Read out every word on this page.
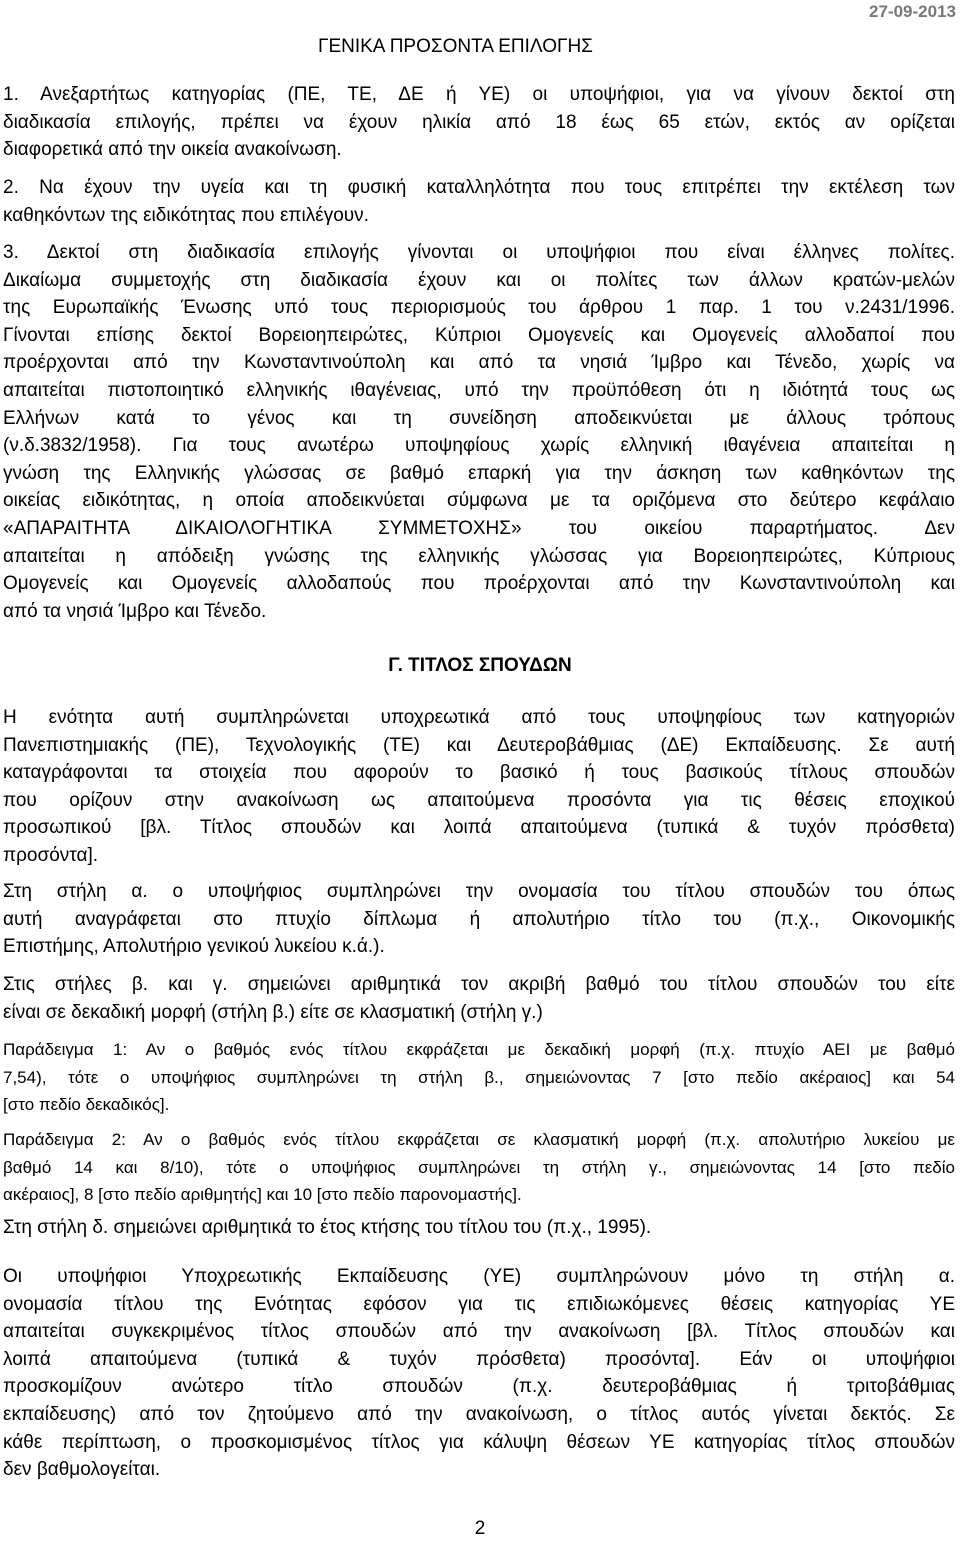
27-09-2013
ΓΕΝΙΚΑ ΠΡΟΣΟΝΤΑ ΕΠΙΛΟΓΗΣ
1. Ανεξαρτήτως κατηγορίας (ΠΕ, ΤΕ, ΔΕ ή ΥΕ) οι υποψήφιοι, για να γίνουν δεκτοί στη
διαδικασία επιλογής, πρέπει να έχουν ηλικία από 18 έως 65 ετών, εκτός αν ορίζεται
διαφορετικά από την οικεία ανακοίνωση.
2. Να έχουν την υγεία και τη φυσική καταλληλότητα που τους επιτρέπει την εκτέλεση των
καθηκόντων της ειδικότητας που επιλέγουν.
3. Δεκτοί στη διαδικασία επιλογής γίνονται οι υποψήφιοι που είναι έλληνες πολίτες.
Δικαίωμα συμμετοχής στη διαδικασία έχουν και οι πολίτες των άλλων κρατών-μελών
της Ευρωπαϊκής Ένωσης υπό τους περιορισμούς του άρθρου 1 παρ. 1 του ν.2431/1996.
Γίνονται επίσης δεκτοί Βορειοηπειρώτες, Κύπριοι Ομογενείς και Ομογενείς αλλοδαποί που
προέρχονται από την Κωνσταντινούπολη και από τα νησιά Ίμβρο και Τένεδο, χωρίς να
απαιτείται πιστοποιητικό ελληνικής ιθαγένειας, υπό την προϋπόθεση ότι η ιδιότητά τους ως
Ελλήνων κατά το γένος και τη συνείδηση αποδεικνύεται με άλλους τρόπους
(ν.δ.3832/1958). Για τους ανωτέρω υποψηφίους χωρίς ελληνική ιθαγένεια απαιτείται η
γνώση της Ελληνικής γλώσσας σε βαθμό επαρκή για την άσκηση των καθηκόντων της
οικείας ειδικότητας, η οποία αποδεικνύεται σύμφωνα με τα οριζόμενα στο δεύτερο κεφάλαιο
«ΑΠΑΡΑΙΤΗΤΑ ΔΙΚΑΙΟΛΟΓΗΤΙΚΑ ΣΥΜΜΕΤΟΧΗΣ» του οικείου παραρτήματος. Δεν
απαιτείται η απόδειξη γνώσης της ελληνικής γλώσσας για Βορειοηπειρώτες, Κύπριους
Ομογενείς και Ομογενείς αλλοδαπούς που προέρχονται από την Κωνσταντινούπολη και
από τα νησιά Ίμβρο και Τένεδο.
Γ. ΤΙΤΛΟΣ ΣΠΟΥΔΩΝ
Η ενότητα αυτή συμπληρώνεται υποχρεωτικά από τους υποψηφίους των κατηγοριών
Πανεπιστημιακής (ΠΕ), Τεχνολογικής (ΤΕ) και Δευτεροβάθμιας (ΔΕ) Εκπαίδευσης. Σε αυτή
καταγράφονται τα στοιχεία που αφορούν το βασικό ή τους βασικούς τίτλους σπουδών
που ορίζουν στην ανακοίνωση ως απαιτούμενα προσόντα για τις θέσεις εποχικού
προσωπικού [βλ. Τίτλος σπουδών και λοιπά απαιτούμενα (τυπικά & τυχόν πρόσθετα)
προσόντα].
Στη στήλη α. ο υποψήφιος συμπληρώνει την ονομασία του τίτλου σπουδών του όπως
αυτή αναγράφεται στο πτυχίο δίπλωμα ή απολυτήριο τίτλο του (π.χ., Οικονομικής
Επιστήμης, Απολυτήριο γενικού λυκείου κ.ά.).
Στις στήλες β. και γ. σημειώνει αριθμητικά τον ακριβή βαθμό του τίτλου σπουδών του είτε
είναι σε δεκαδική μορφή (στήλη β.) είτε σε κλασματική (στήλη γ.)
Παράδειγμα 1: Αν ο βαθμός ενός τίτλου εκφράζεται με δεκαδική μορφή (π.χ. πτυχίο ΑΕΙ με βαθμό
7,54), τότε ο υποψήφιος συμπληρώνει τη στήλη β., σημειώνοντας 7 [στο πεδίο ακέραιος] και 54
[στο πεδίο δεκαδικός].
Παράδειγμα 2: Αν ο βαθμός ενός τίτλου εκφράζεται σε κλασματική μορφή (π.χ. απολυτήριο λυκείου με
βαθμό 14 και 8/10), τότε ο υποψήφιος συμπληρώνει τη στήλη γ., σημειώνοντας 14 [στο πεδίο
ακέραιος], 8 [στο πεδίο αριθμητής] και 10 [στο πεδίο παρονομαστής].
Στη στήλη δ. σημειώνει αριθμητικά το έτος κτήσης του τίτλου του (π.χ., 1995).
Οι υποψήφιοι Υποχρεωτικής Εκπαίδευσης (ΥΕ) συμπληρώνουν μόνο τη στήλη α.
ονομασία τίτλου της Ενότητας εφόσον για τις επιδιωκόμενες θέσεις κατηγορίας ΥΕ
απαιτείται συγκεκριμένος τίτλος σπουδών από την ανακοίνωση [βλ. Τίτλος σπουδών και
λοιπά απαιτούμενα (τυπικά & τυχόν πρόσθετα) προσόντα]. Εάν οι υποψήφιοι
προσκομίζουν ανώτερο τίτλο σπουδών (π.χ. δευτεροβάθμιας ή τριτοβάθμιας
εκπαίδευσης) από τον ζητούμενο από την ανακοίνωση, ο τίτλος αυτός γίνεται δεκτός. Σε
κάθε περίπτωση, ο προσκομισμένος τίτλος για κάλυψη θέσεων ΥΕ κατηγορίας τίτλος σπουδών
δεν βαθμολογείται.
2
